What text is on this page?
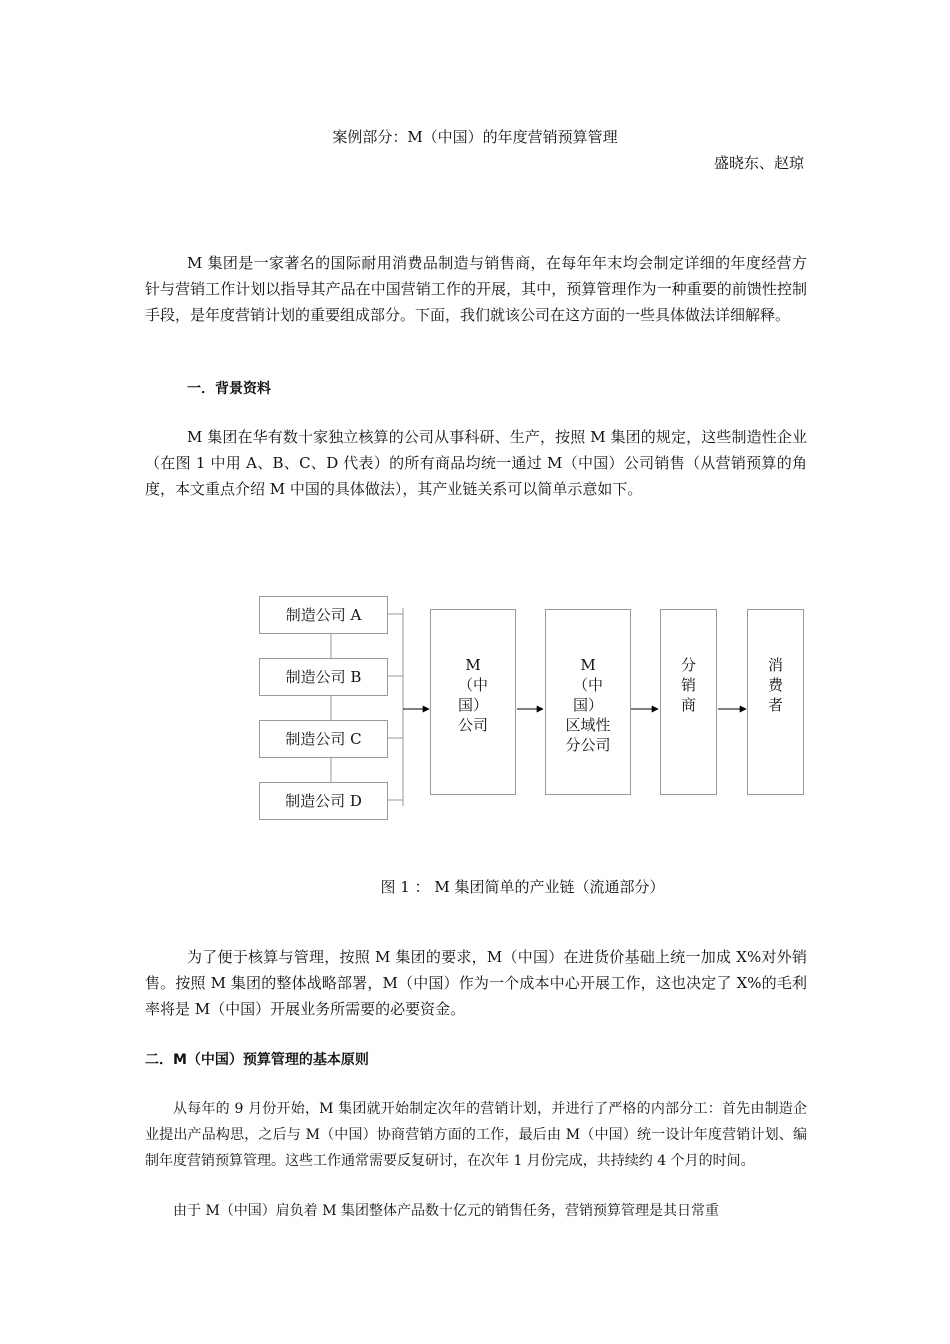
案例部分：M（中国）的年度营销预算管理
盛晓东、赵琼

M 集团是一家著名的国际耐用消费品制造与销售商，在每年年末均会制定详细的年度经营方针与营销工作计划以指导其产品在中国营销工作的开展，其中，预算管理作为一种重要的前馈性控制手段，是年度营销计划的重要组成部分。下面，我们就该公司在这方面的一些具体做法详细解释。

一．背景资料

M 集团在华有数十家独立核算的公司从事科研、生产，按照 M 集团的规定，这些制造性企业（在图 1 中用 A、B、C、D 代表）的所有商品均统一通过 M（中国）公司销售（从营销预算的角度，本文重点介绍 M 中国的具体做法），其产业链关系可以简单示意如下。

制造公司 A
制造公司 B
制造公司 C
制造公司 D
M
（中
国）
公司
M
（中
国）
区域性
分公司
分
销
商
消
费
者
图 1 ： M 集团简单的产业链（流通部分）

为了便于核算与管理，按照 M 集团的要求，M（中国）在进货价基础上统一加成 X%对外销售。按照 M 集团的整体战略部署，M（中国）作为一个成本中心开展工作，这也决定了 X%的毛利率将是 M（中国）开展业务所需要的必要资金。

二．M（中国）预算管理的基本原则

从每年的 9 月份开始，M 集团就开始制定次年的营销计划，并进行了严格的内部分工：首先由制造企业提出产品构思，之后与 M（中国）协商营销方面的工作，最后由 M（中国）统一设计年度营销计划、编制年度营销预算管理。这些工作通常需要反复研讨，在次年 1 月份完成，共持续约 4 个月的时间。

由于 M（中国）肩负着 M 集团整体产品数十亿元的销售任务，营销预算管理是其日常重
